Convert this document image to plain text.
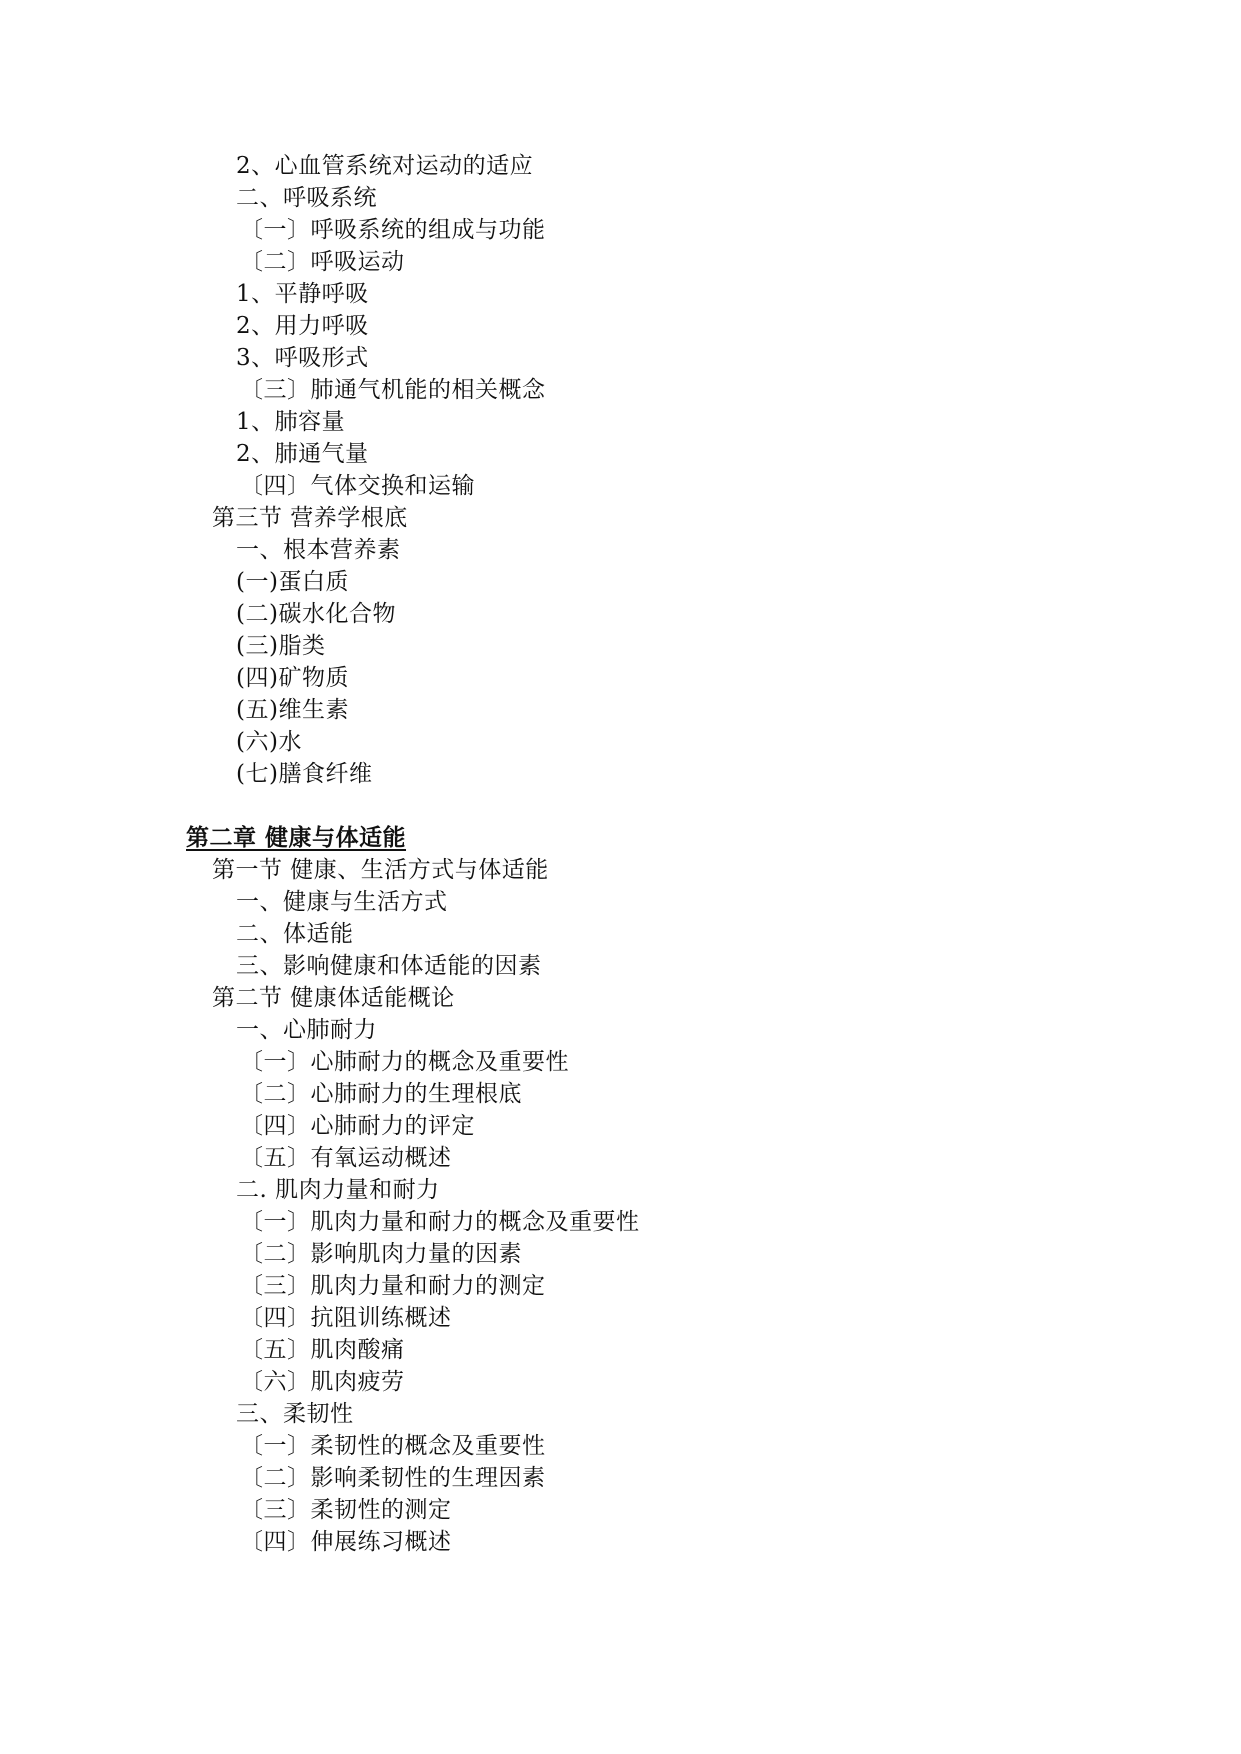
2、心血管系统对运动的适应
二、呼吸系统
〔一〕呼吸系统的组成与功能
〔二〕呼吸运动
1、平静呼吸
2、用力呼吸
3、呼吸形式
〔三〕肺通气机能的相关概念
1、肺容量
2、肺通气量
〔四〕气体交换和运输
第三节 营养学根底
一、根本营养素
(一)蛋白质
(二)碳水化合物
(三)脂类
(四)矿物质
(五)维生素
(六)水
(七)膳食纤维
第二章 健康与体适能
第一节 健康、生活方式与体适能
一、健康与生活方式
二、体适能
三、影响健康和体适能的因素
第二节 健康体适能概论
一、心肺耐力
〔一〕心肺耐力的概念及重要性
〔二〕心肺耐力的生理根底
〔四〕心肺耐力的评定
〔五〕有氧运动概述
二. 肌肉力量和耐力
〔一〕肌肉力量和耐力的概念及重要性
〔二〕影响肌肉力量的因素
〔三〕肌肉力量和耐力的测定
〔四〕抗阻训练概述
〔五〕肌肉酸痛
〔六〕肌肉疲劳
三、柔韧性
〔一〕柔韧性的概念及重要性
〔二〕影响柔韧性的生理因素
〔三〕柔韧性的测定
〔四〕伸展练习概述
